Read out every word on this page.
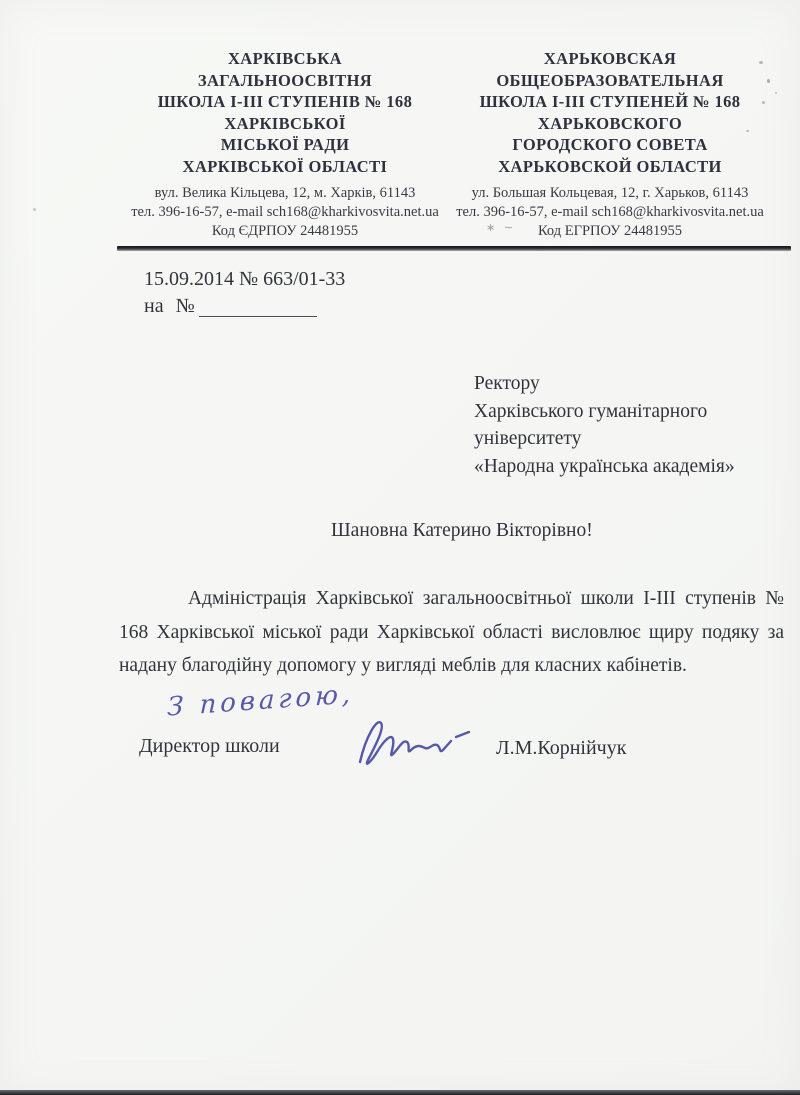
ХАРКІВСЬКА
ЗАГАЛЬНООСВІТНЯ
ШКОЛА I-III СТУПЕНІВ № 168
ХАРКІВСЬКОЇ
МІСЬКОЇ РАДИ
ХАРКІВСЬКОЇ ОБЛАСТІ
вул. Велика Кільцева, 12, м. Харків, 61143
тел. 396-16-57, e-mail sch168@kharkivosvita.net.ua
Код ЄДРПОУ 24481955
ХАРЬКОВСКАЯ
ОБЩЕОБРАЗОВАТЕЛЬНАЯ
ШКОЛА I-III СТУПЕНЕЙ № 168
ХАРЬКОВСКОГО
ГОРОДСКОГО СОВЕТА
ХАРЬКОВСКОЙ ОБЛАСТИ
ул. Большая Кольцевая, 12, г. Харьков, 61143
тел. 396-16-57, e-mail sch168@kharkivosvita.net.ua
Код ЕГРПОУ 24481955
∗ ∼
15.09.2014 № 663/01-33
на №
Ректору
Харківського гуманітарного
університету
«Народна українська академія»
Шановна Катерино Вікторівно!

Адміністрація Харківської загальноосвітньої школи I-III ступенів № 168 Харківської міської ради Харківської області висловлює щиру подяку за надану благодійну допомогу у вигляді меблів для класних кабінетів.

З повагою,
Директор школи	Л.М.Корнійчук
